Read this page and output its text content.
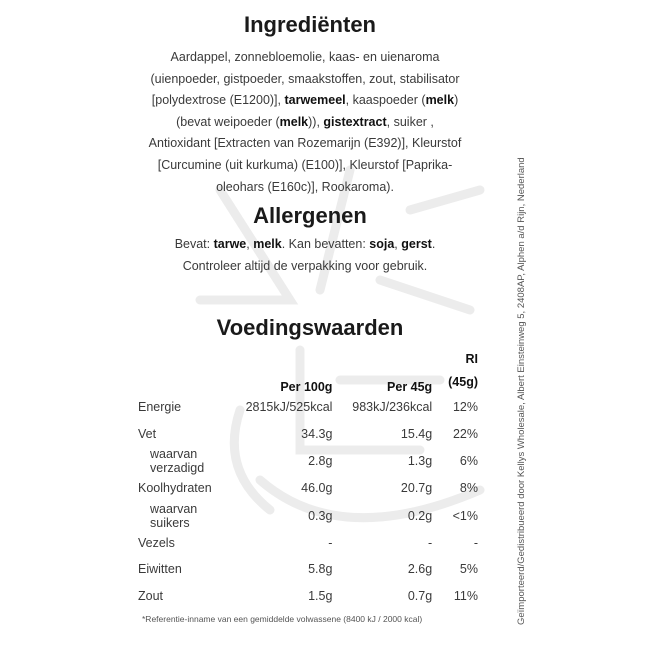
Ingrediënten
Aardappel, zonnebloemolie, kaas- en uienaroma
(uienpoeder, gistpoeder, smaakstoffen, zout, stabilisator
[polydextrose (E1200)], tarwemeel, kaaspoeder (melk)
(bevat weipoeder (melk)), gistextract, suiker ,
Antioxidant [Extracten van Rozemarijn (E392)], Kleurstof
[Curcumine (uit kurkuma) (E100)], Kleurstof [Paprika-
oleohars (E160c)], Rookaroma).
Allergenen
Bevat: tarwe, melk. Kan bevatten: soja, gerst.
Controleer altijd de verpakking voor gebruik.
Voedingswaarden
	Per 100g	Per 45g	RI
(45g)

Energie	2815kJ/525kcal	983kJ/236kcal	12%
Vet	34.3g	15.4g	22%
waarvan verzadigd	2.8g	1.3g	6%
Koolhydraten	46.0g	20.7g	8%
waarvan suikers	0.3g	0.2g	<1%
Vezels	-	-	-
Eiwitten	5.8g	2.6g	5%
Zout	1.5g	0.7g	11%
*Referentie-inname van een gemiddelde volwassene (8400 kJ / 2000 kcal)	Geïmporteerd/Gedistribueerd door Kellys Wholesale, Albert Einsteinweg 5, 2408AP, Alphen a/d Rijn, Nederland
